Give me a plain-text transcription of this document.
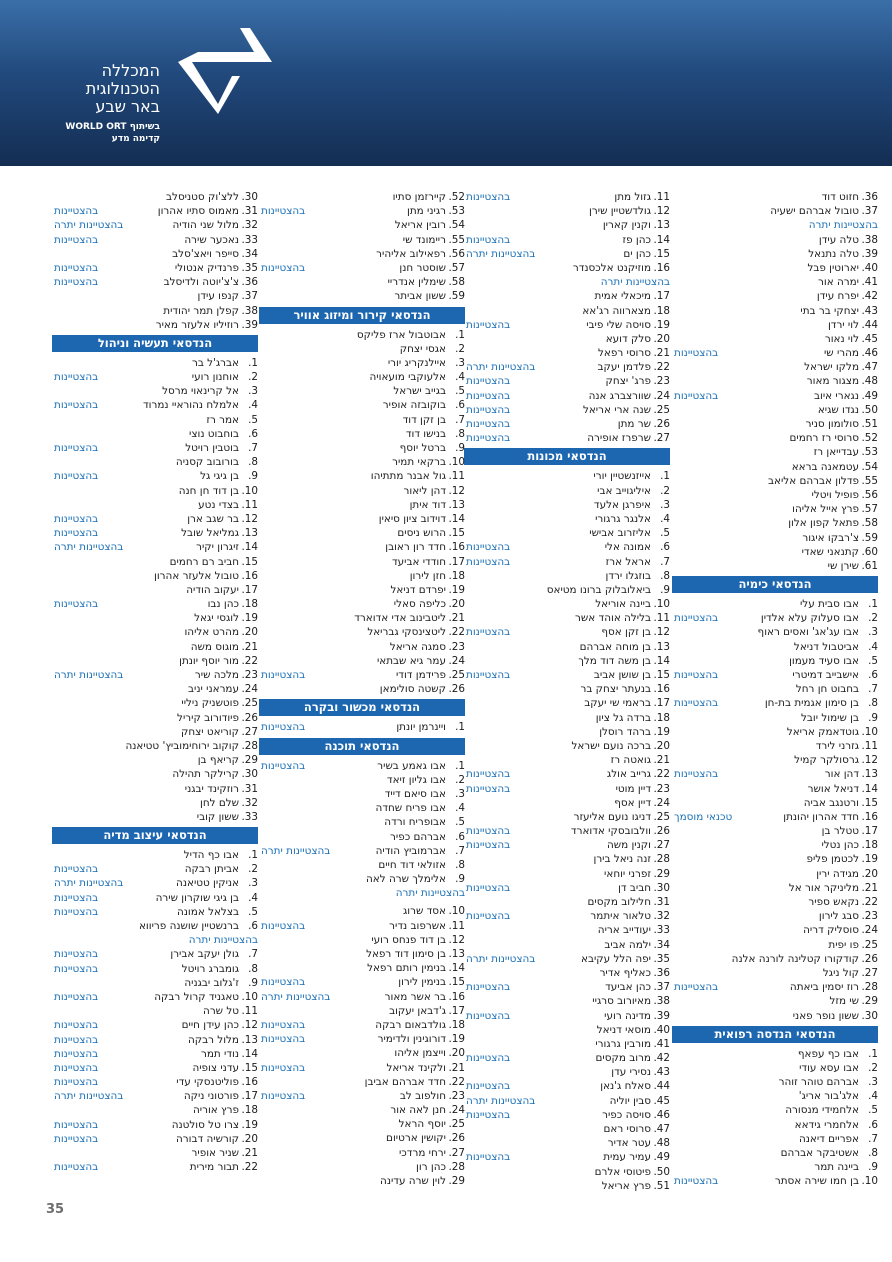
המכללה
הטכנולוגית
באר שבע
בשיתוף WORLD ORT
קדימה מדע
36.
חזוט דוד
37.
טובול אברהם ישעיה
בהצטיינות יתרה
38.
טלה עידן
39.
טלה נתנאל
40.
יארוטין פבל
41.
ימרה אור
42.
יפרח עידן
43.
יצחקי בר בתי
44.
לוי ירדן
45.
לוי נאור
46.
מהרי שי
בהצטיינות
47.
מלקו ישראל
48.
מצגור מאור
49.
נגארי איוב
בהצטיינות
50.
נגדו שגיא
51.
סולומון סניר
52.
סרוסי רז רחמים
53.
עבדייאן רז
54.
עטמאנה בראא
55.
פדלון אברהם אליאב
56.
פופיל ויטלי
57.
פרץ אייל אליהו
58.
פתאל קפון אלון
59.
צ'רבקו איגור
60.
קתנאני שאדי
61.
שירן שי
הנדסאי כימיה
1.
אבו סבית עלי
2.
אבו סעלוק עלא אלדין
בהצטיינות
3.
אבו עג'אג' ואסים ראוף
4.
אביטבול דניאל
5.
אבו סעיד מעמון
6.
אישבייב דמיטרי
בהצטיינות
7.
בחבוט חן רחל
8.
בן סימון אגמית בת-חן
בהצטיינות
9.
בן שימול יובל
10.
גוטדאמק אריאל
11.
גזרני לירד
12.
גרסולקר קמיל
13.
דהן אור
בהצטיינות
14.
דניאל אושר
15.
ורטנגב אביה
16.
חדד אהרון יהונתן
טכנאי מוסמך
17.
טטלר בן
18.
כהן נטלי
19.
לכטמן פליפ
20.
מגידה ירין
21.
מליניקר אור אל
22.
נקאש ספיר
23.
סבג לירון
24.
סוסליק דריה
25.
פו יפית
26.
קודקורו קטלינה לורנה אלנה
27.
קול ניגל
28.
רוז יסמין ביאתה
בהצטיינות
29.
שי מזל
30.
ששון נופר פאני
הנדסאי הנדסה רפואית
1.
אבו כף עפאף
2.
אבו עסא עודי
3.
אברהם טוהר זוהר
4.
אלג'בור אריג'
5.
אלחמידי מנסורה
6.
אלחמרי גידאא
7.
אפריים דיאנה
8.
אשטיבקר אברהם
9.
ביינה תמר
10.
בן חמו שירה אסתר
בהצטיינות
11.
גזול מתן
בהצטיינות
12.
גולדשטיין שירן
13.
וקנין קארין
14.
כהן פז
בהצטיינות
15.
כהן ים
בהצטיינות יתרה
16.
מוזיקנט אלכסנדר
בהצטיינות יתרה
17.
מיכאלי אמית
18.
מצארווה רג'אא
19.
סויסה שלי פיבי
בהצטיינות
20.
סלק דועא
21.
סרוסי רפאל
22.
פלדמן יעקב
בהצטיינות יתרה
23.
פרג' יצחק
בהצטיינות
24.
שוורצברג אנה
בהצטיינות
25.
שנה ארי אריאל
בהצטיינות
26.
שר מתן
בהצטיינות
27.
שרפרז אופירה
בהצטיינות
הנדסאי מכונות
1.
אייזנשטיין יורי
2.
איליגוייב אבי
3.
איפרגן אלעד
4.
אלנגר גרגורי
5.
אליזרוב אבישי
6.
אמונה אלי
בהצטיינות
7.
אראל ארז
בהצטיינות
8.
בוזגלו ירדן
9.
ביאלובלוק ברונו מטיאס
10.
ביינה אוריאל
11.
בלילה אוהד אשר
12.
בן זקן אסף
בהצטיינות
13.
בן מוחה אברהם
14.
בן משה דוד מלך
15.
בן שושן אביב
בהצטיינות
16.
בנעתר יצחק בר
17.
בראמי שי יעקב
18.
ברדה גל ציון
19.
ברהד רוסלן
20.
ברכה נועם ישראל
21.
גואטה רז
22.
גרייב אולג
בהצטיינות
23.
דיין מוטי
בהצטיינות
24.
דיין אסף
25.
דניגו נועם אליעזר
26.
וולבובסקי אדוארד
בהצטיינות
27.
וקנין משה
בהצטיינות
28.
זנה ניאל בירן
29.
זפרני יוחאי
30.
חביב דן
בהצטיינות
31.
חלילוב מקסים
32.
טלאור איתמר
בהצטיינות
33.
יעודייב אריה
34.
ילמה אביב
35.
יפה הלל עקיבא
בהצטיינות יתרה
36.
כאליף אדיר
37.
כהן אביעד
בהצטיינות
38.
מאיורוב סרגיי
39.
מדינה רועי
בהצטיינות
40.
מוסאי דניאל
41.
מורבין גרגורי
42.
מרוב מקסים
בהצטיינות
43.
נסירי עדן
44.
סאלח ג'נאן
בהצטיינות
45.
סבין יוליה
בהצטיינות יתרה
46.
סויסה כפיר
בהצטיינות
47.
סרוסי ראם
48.
עטר אדיר
49.
עמיר עמית
בהצטיינות
50.
פיטוסי אלרם
51.
פרץ אריאל
52.
קיירזמן סתיו
53.
רגיני מתן
בהצטיינות
54.
רובין אריאל
55.
ריימונד שי
56.
רפאילוב אליהיר
57.
שוסטר חנן
בהצטיינות
58.
שימלין אנדריי
59.
ששון אביתר
הנדסאי קירור ומיזוג אוויר
1.
אבוטבול ארז פליקס
2.
אגסי יצחק
3.
איילנקריג יורי
4.
אלעוקבי מועאויה
5.
בגייב ישראל
6.
בוקובזה אופיר
7.
בן זקן דוד
8.
בנישו דוד
9.
ברטל יוסף
10.
ברקאי תמיר
11.
גול אבנר מתתיהו
12.
דהן ליאור
13.
דוד איתן
14.
דוידוב ציון סיאין
15.
הרוש ניסים
16.
חדד רון ראובן
17.
חודדי אביעד
18.
חזן לירון
19.
יפרדם דניאל
20.
כליפה סאלי
21.
ליטבינוב אדי אדוארד
22.
ליטצינסקי גבריאל
23.
סמגה אריאל
24.
עמר גיא שבתאי
25.
פרידמן דודי
בהצטיינות
26.
קשטה סולימאן
הנדסאי מכשור ובקרה
1.
ויינרמן יונתן
בהצטיינות
הנדסאי תוכנה
1.
אבו גאמע בשיר
בהצטיינות
2.
אבו גליון זיאד
3.
אבו סיאם דייד
4.
אבו פריח שחדה
5.
אבופריח ורדה
6.
אברהם כפיר
7.
אברמוביץ הודיה
בהצטיינות יתרה
8.
אזולאי דוד חיים
9.
אלימלך שרה לאה
בהצטיינות יתרה
10.
אסד שרוג
11.
אשרפוב נדיר
בהצטיינות
12.
בן דוד פנחס רועי
13.
בן סימון דוד רפאל
14.
בנימין רותם רפאל
15.
בנימין לירון
בהצטיינות
16.
בר אשר מאור
בהצטיינות יתרה
17.
ג'דבאן יעקוב
18.
גולדבאום רבקה
בהצטיינות
19.
דורוגינין ולדימיר
בהצטיינות
20.
וייצמן אליהו
21.
ולקינד אריאל
בהצטיינות
22.
חדד אברהם אביבן
23.
חולפוב לב
בהצטיינות
24.
חנן לאה אור
25.
יוסף הראל
26.
יקושין ארטיום
27.
ירחי מרדכי
28.
כהן רון
29.
לוין שרה עדינה
30.
ללצ'וק סטניסלב
31.
מאמוס סתיו אהרון
בהצטיינות
32.
מלול שני הודיה
בהצטיינות יתרה
33.
נאכער שירה
בהצטיינות
34.
סייפר ויאצ'סלב
35.
פרנדיק אנטולי
בהצטיינות
36.
צ'צ'יוטה ולדיסלב
בהצטיינות
37.
קנפו עידן
38.
קפלן תמר יהודית
39.
רוזיליו אלעזר מאיר
הנדסאי תעשיה וניהול
1.
אברג'ל בר
2.
אוחנון רועי
בהצטיינות
3.
אל קרינאוי מרסל
4.
אלמלח נהוראיי נמרוד
בהצטיינות
5.
אמר רז
6.
בוחבוט נוצי
7.
בוטבין רויטל
בהצטיינות
8.
בורובוב קסניה
9.
בן גיגי גל
בהצטיינות
10.
בן דוד חן חנה
11.
בצדי נטע
12.
בר שגב ארן
בהצטיינות
13.
גמליאל שובל
בהצטיינות
14.
זיגרון יקיר
בהצטיינות יתרה
15.
חביב רם רחמים
16.
טובול אלעזר אהרון
17.
יעקוב הודיה
18.
כהן נבו
בהצטיינות
19.
לוגסי יגאל
20.
מהרט אליהו
21.
מוגוס משה
22.
מור יוסף יונתן
23.
מלכה שיר
בהצטיינות יתרה
24.
עמראני יניב
25.
פוטשניק ניליי
26.
פיודורוב קיריל
27.
קוריאט יצחק
28.
קוקוב ירוחימוביץ' טטיאנה
29.
קריאף בן
30.
קרילקר תהילה
31.
רוזקינד יבגני
32.
שלם לחן
33.
ששון קובי
הנדסאי עיצוב מדיה
1.
אבו כף הדיל
2.
אביתן רבקה
בהצטיינות
3.
אניקין טטיאנה
בהצטיינות יתרה
4.
בן גיגי שוקרון שירה
בהצטיינות
5.
בצלאל אמונה
בהצטיינות
6.
ברנשטיין שושנה פריווא
בהצטיינות יתרה
7.
גולן יעקב אבירן
בהצטיינות
8.
גומברג רויטל
בהצטיינות
9.
ז'גלוב יבגניה
10.
טאגניד קרול רבקה
בהצטיינות
11.
טל שרה
12.
כהן עידן חיים
בהצטיינות
13.
מלול רבקה
בהצטיינות
14.
נודי תמר
בהצטיינות
15.
עדני צופיה
בהצטיינות
16.
פוליטנסקי עדי
בהצטיינות
17.
פורטוני ניקה
בהצטיינות יתרה
18.
פרץ אוריה
19.
צרו טל סולטנה
בהצטיינות
20.
קורשיה דבורה
בהצטיינות
21.
שניר אופיר
22.
תבור מירית
בהצטיינות
35
